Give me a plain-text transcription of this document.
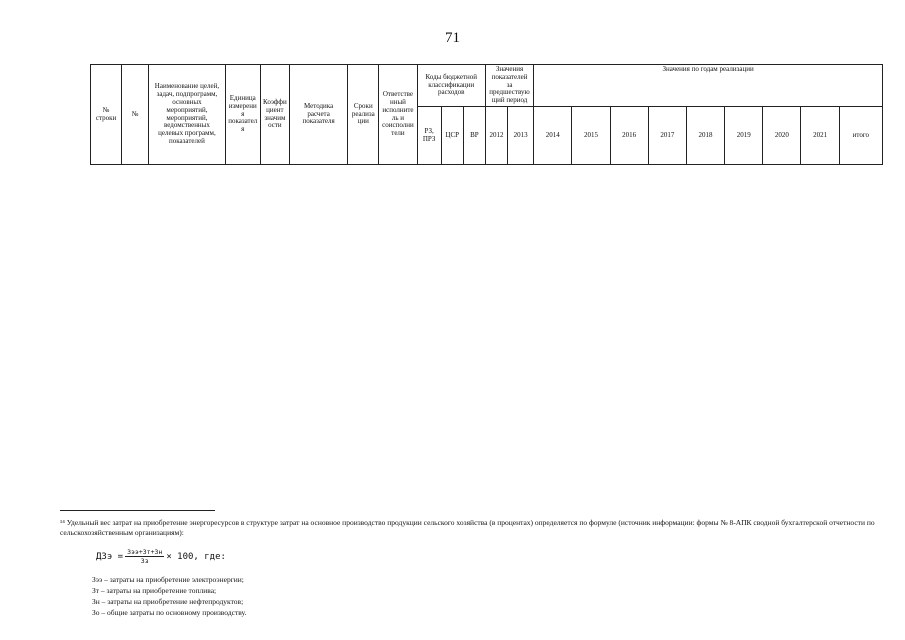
71
№ строки	№	Наименование целей, задач, подпрограмм, основных мероприятий, мероприятий, ведомственных целевых программ, показателей	Единица измерения показателя	Коэффициент значимости	Методика расчета показателя	Сроки реализации	Ответственный исполнитель и соисполнители	Коды бюджетной классификации расходов			Значения показателей за предшествующий период		Значения по годам реализации								
								РЗ, ПРЗ	ЦСР	ВР	2012	2013	2014	2015	2016	2017	2018	2019	2020	2021	итого
¹⁴ Удельный вес затрат на приобретение энергоресурсов в структуре затрат на основное производство продукции сельского хозяйства (в процентах) определяется по формуле (источник информации: формы № 8-АПК сводной бухгалтерской отчетности по сельскохозяйственным организациям):
ДЗэ = $\frac{\text{Зээ+Зт+Зн}}{Зз} \times 100$, где:
Зээ – затраты на приобретение электроэнергии;
Зт – затраты на приобретение топлива;
Зн – затраты на приобретение нефтепродуктов;
Зо – общие затраты по основному производству.
